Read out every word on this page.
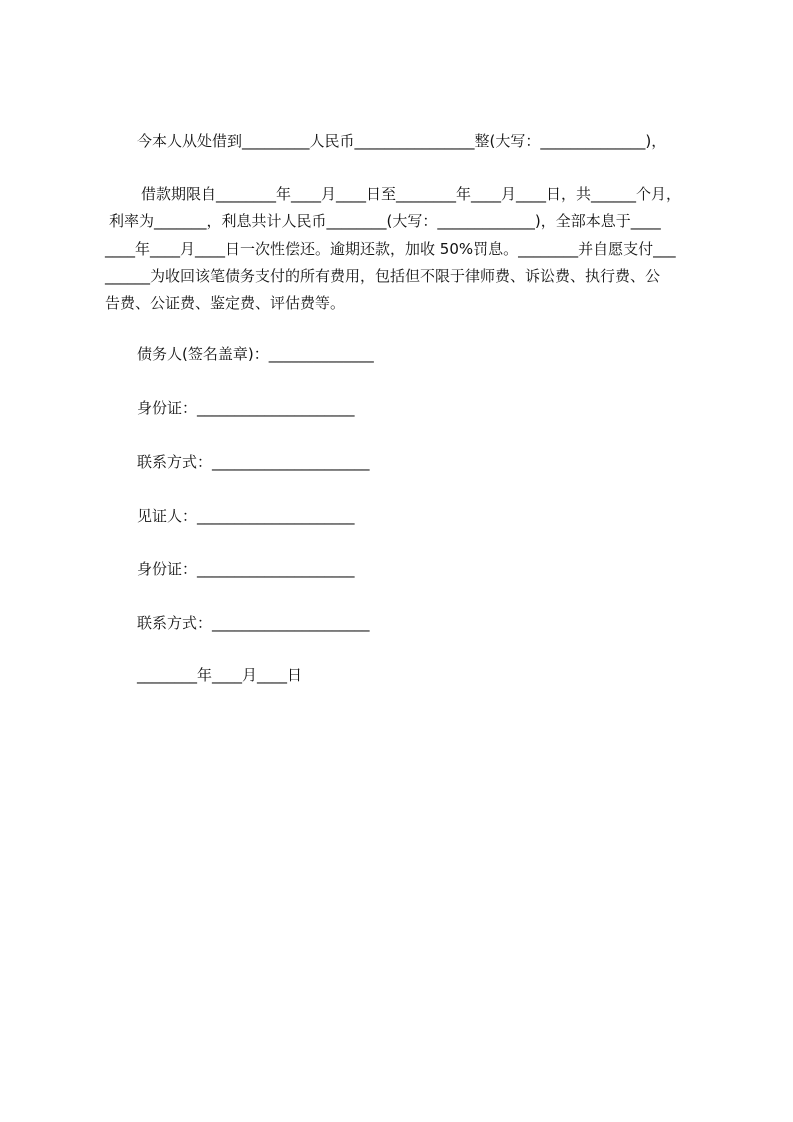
今本人从处借到_________人民币________________整(大写：______________)，
借款期限自________年____月____日至________年____月____日，共______个月，
利率为_______，利息共计人民币________(大写：_____________)，全部本息于____
____年____月____日一次性偿还。逾期还款，加收 50%罚息。________并自愿支付___
______为收回该笔债务支付的所有费用，包括但不限于律师费、诉讼费、执行费、公
告费、公证费、鉴定费、评估费等。
债务人(签名盖章)：______________
身份证：_____________________
联系方式：_____________________
见证人：_____________________
身份证：_____________________
联系方式：_____________________
________年____月____日
